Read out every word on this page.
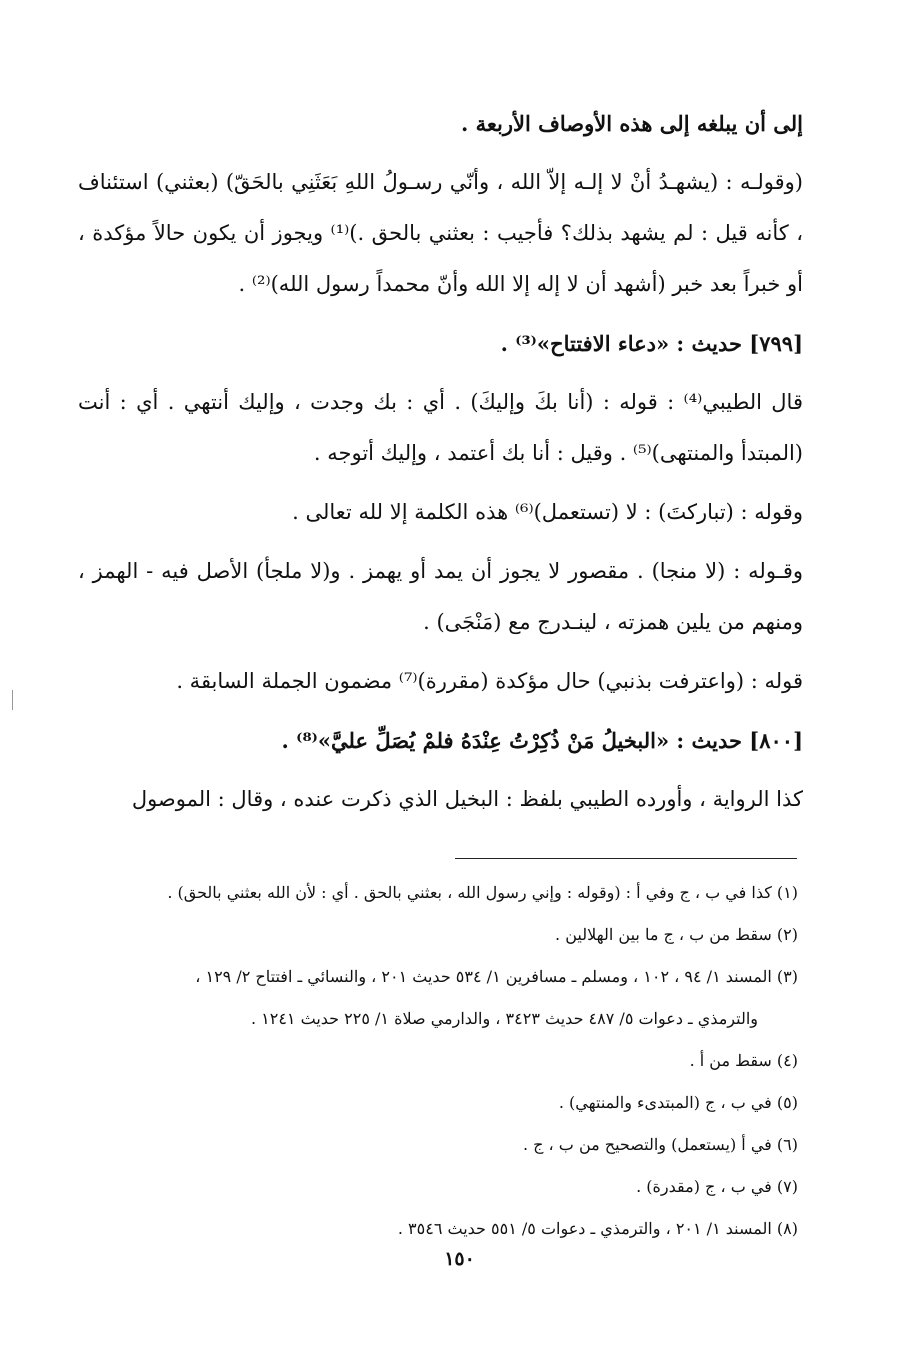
إلى أن يبلغه إلى هذه الأوصاف الأربعة .

(وقولـه : (يشهـدُ أنْ لا إلـه إلاّ الله ، وأنّي رسـولُ اللهِ بَعَثَنِي بالحَقّ) (بعثني) استئناف ، كأنه قيل : لم يشهد بذلك؟ فأجيب : بعثني بالحق .)⁽¹⁾ ويجوز أن يكون حالاً مؤكدة ، أو خبراً بعد خبر (أشهد أن لا إله إلا الله وأنّ محمداً رسول الله)⁽²⁾ .

[٧٩٩] حديث : «دعاء الافتتاح»⁽³⁾ .

قال الطيبي⁽⁴⁾ : قوله : (أنا بكَ وإليكَ) . أي : بك وجدت ، وإليك أنتهي . أي : أنت (المبتدأ والمنتهى)⁽⁵⁾ . وقيل : أنا بك أعتمد ، وإليك أتوجه .

وقوله : (تباركتَ) : لا (تستعمل)⁽⁶⁾ هذه الكلمة إلا لله تعالى .

وقـوله : (لا منجا) . مقصور لا يجوز أن يمد أو يهمز . و(لا ملجأ) الأصل فيه - الهمز ، ومنهم من يلين همزته ، لينـدرج مع (مَنْجَى) .

قوله : (واعترفت بذنبي) حال مؤكدة (مقررة)⁽⁷⁾ مضمون الجملة السابقة .

[٨٠٠] حديث : «البخيلُ مَنْ ذُكِرْتُ عِنْدَهُ فلمْ يُصَلِّ عليَّ»⁽⁸⁾ .

كذا الرواية ، وأورده الطيبي بلفظ : البخيل الذي ذكرت عنده ، وقال : الموصول

(١) كذا في ب ، ج وفي أ : (وقوله : وإني رسول الله ، بعثني بالحق . أي : لأن الله بعثني بالحق) .

(٢) سقط من ب ، ج ما بين الهلالين .

(٣) المسند ١/ ٩٤ ، ١٠٢ ، ومسلم ـ مسافرين ١/ ٥٣٤ حديث ٢٠١ ، والنسائي ـ افتتاح ٢/ ١٢٩ ،
والترمذي ـ دعوات ٥/ ٤٨٧ حديث ٣٤٢٣ ، والدارمي صلاة ١/ ٢٢٥ حديث ١٢٤١ .

(٤) سقط من أ .

(٥) في ب ، ج (المبتدىء والمنتهي) .

(٦) في أ (يستعمل) والتصحيح من ب ، ج .

(٧) في ب ، ج (مقدرة) .

(٨) المسند ١/ ٢٠١ ، والترمذي ـ دعوات ٥/ ٥٥١ حديث ٣٥٤٦ .

١٥٠
